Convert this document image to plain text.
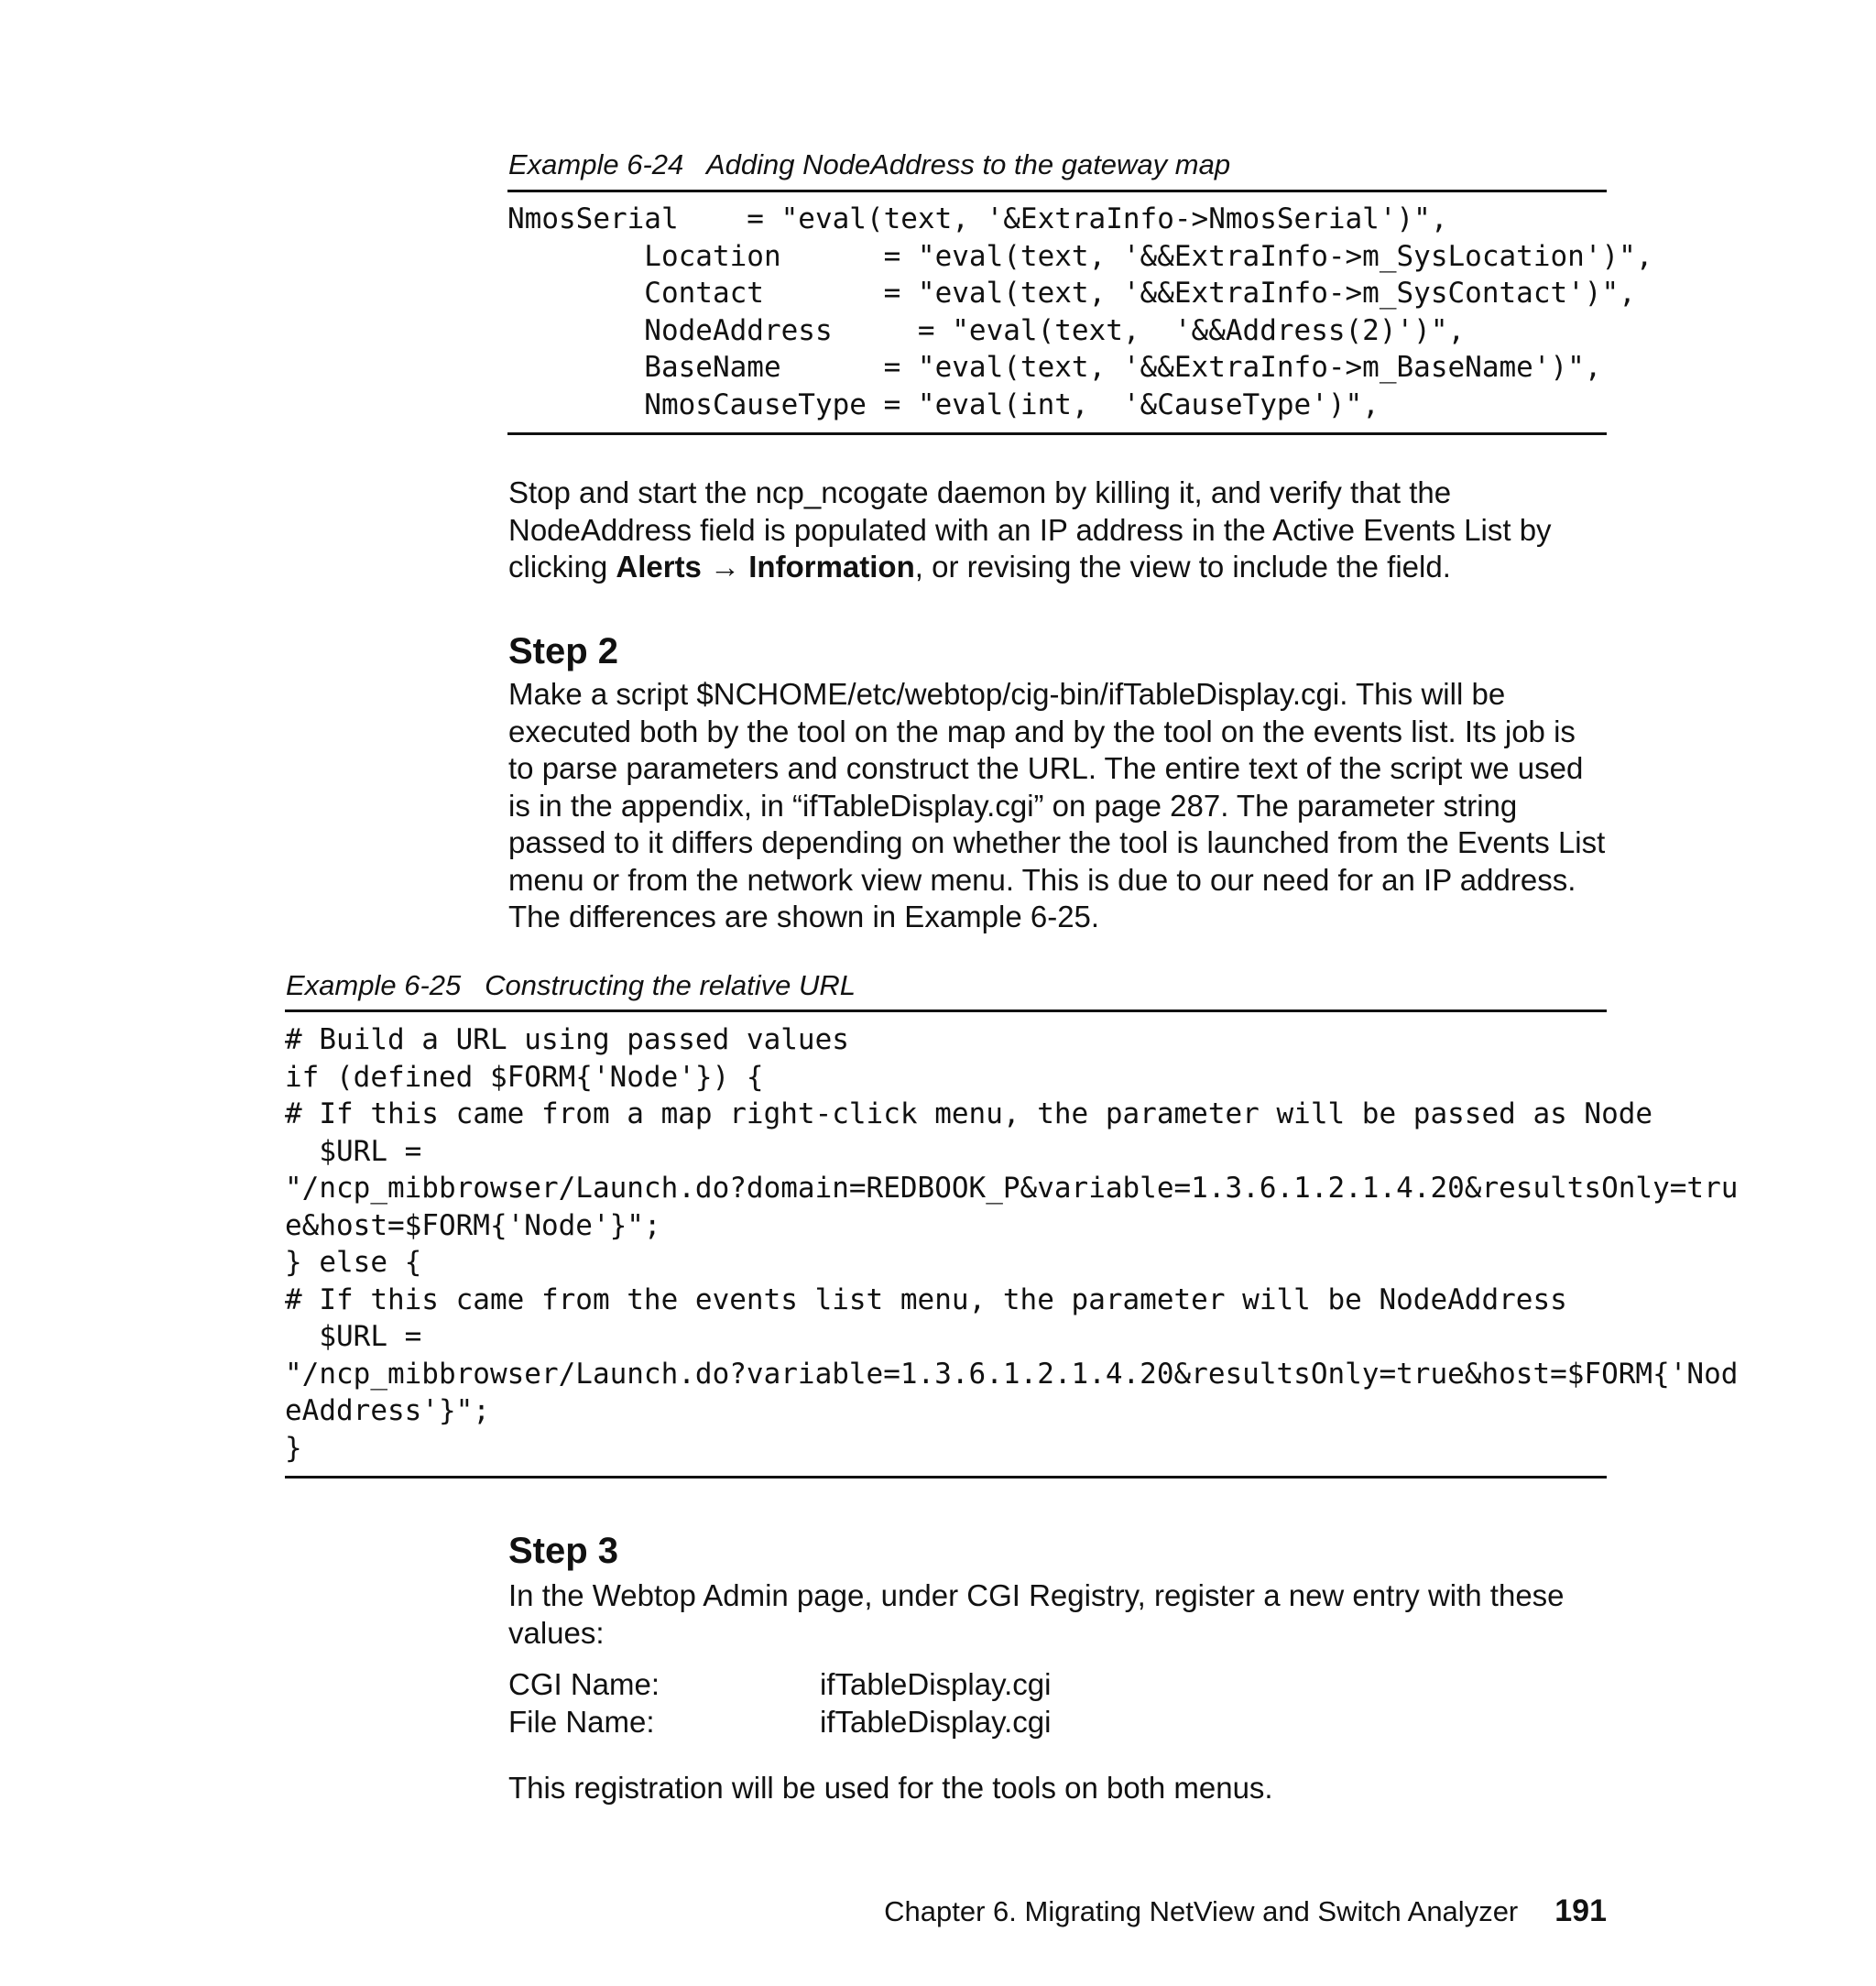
Example 6-24   Adding NodeAddress to the gateway map
NmosSerial    = "eval(text, '&ExtraInfo->NmosSerial')",
Location      = "eval(text, '&&ExtraInfo->m_SysLocation')",
Contact       = "eval(text, '&&ExtraInfo->m_SysContact')",
NodeAddress     = "eval(text,  '&&Address(2)')",
BaseName      = "eval(text, '&&ExtraInfo->m_BaseName')",
NmosCauseType = "eval(int,  '&CauseType')",

Stop and start the ncp_ncogate daemon by killing it, and verify that the NodeAddress field is populated with an IP address in the Active Events List by clicking Alerts → Information, or revising the view to include the field.

Step 2

Make a script $NCHOME/etc/webtop/cig-bin/ifTableDisplay.cgi. This will be executed both by the tool on the map and by the tool on the events list. Its job is to parse parameters and construct the URL. The entire text of the script we used is in the appendix, in “ifTableDisplay.cgi” on page 287. The parameter string passed to it differs depending on whether the tool is launched from the Events List menu or from the network view menu. This is due to our need for an IP address. The differences are shown in Example 6-25.

Example 6-25   Constructing the relative URL
# Build a URL using passed values
if (defined $FORM{'Node'}) {
# If this came from a map right-click menu, the parameter will be passed as Node
$URL =
"/ncp_mibbrowser/Launch.do?domain=REDBOOK_P&variable=1.3.6.1.2.1.4.20&resultsOnly=tru
e&host=$FORM{'Node'}";
} else {
# If this came from the events list menu, the parameter will be NodeAddress
$URL =
"/ncp_mibbrowser/Launch.do?variable=1.3.6.1.2.1.4.20&resultsOnly=true&host=$FORM{'Nod
eAddress'}";
}
Step 3

In the Webtop Admin page, under CGI Registry, register a new entry with these values:

CGI Name:	ifTableDisplay.cgi
File Name:	ifTableDisplay.cgi

This registration will be used for the tools on both menus.

Chapter 6. Migrating NetView and Switch Analyzer 191
